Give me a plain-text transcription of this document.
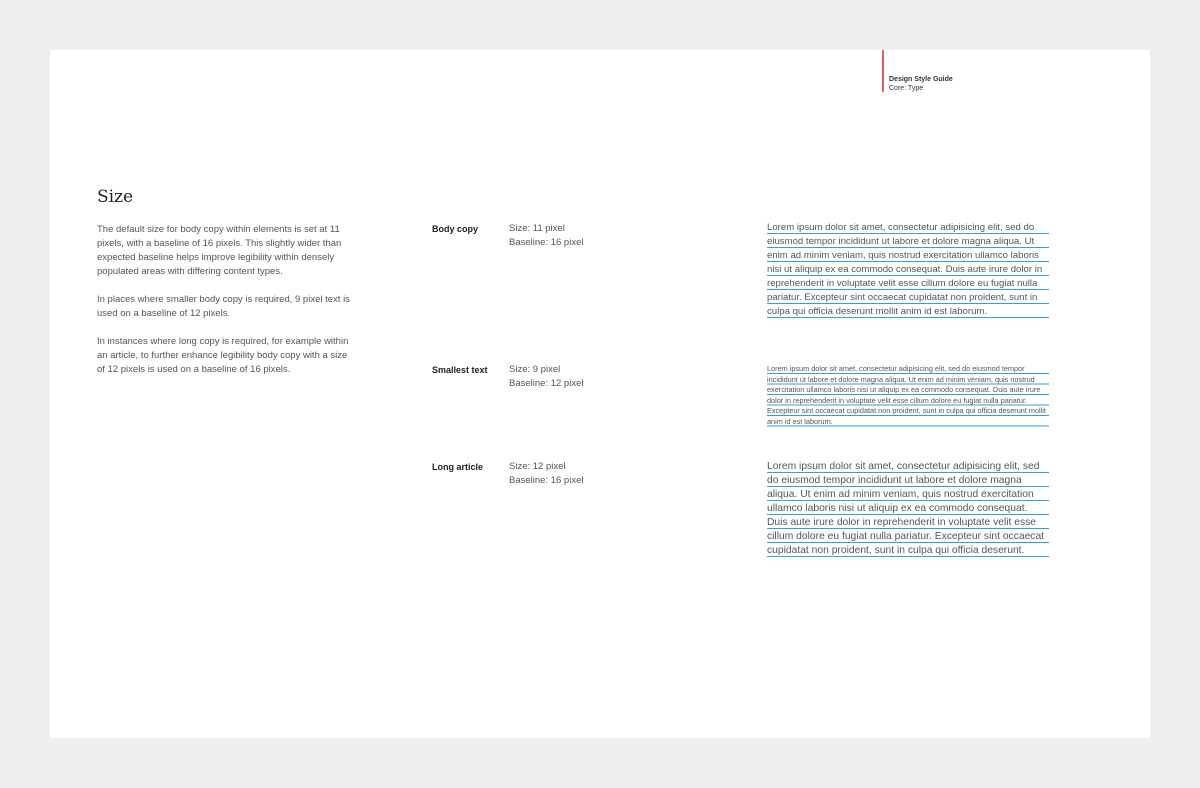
Design Style Guide
Core: Type
Size

The default size for body copy within elements is set at 11 pixels, with a baseline of 16 pixels. This slightly wider than expected baseline helps improve legibility within densely populated areas with differing content types.

In places where smaller body copy is required, 9 pixel text is used on a baseline of 12 pixels.

In instances where long copy is required, for example within an article, to further enhance legibility body copy with a size of 12 pixels is used on a baseline of 16 pixels.

Body copy	Size: 11 pixel
Baseline: 16 pixel

Lorem ipsum dolor sit amet, consectetur adipisicing elit, sed do eiusmod tempor incididunt ut labore et dolore magna aliqua. Ut enim ad minim veniam, quis nostrud exercitation ullamco laboris nisi ut aliquip ex ea commodo consequat. Duis aute irure dolor in reprehenderit in voluptate velit esse cillum dolore eu fugiat nulla pariatur. Excepteur sint occaecat cupidatat non proident, sunt in culpa qui officia deserunt mollit anim id est laborum.

Smallest text Size: 9 pixel
Baseline: 12 pixel

Lorem ipsum dolor sit amet, consectetur adipisicing elit, sed do eiusmod tempor incididunt ut labore et dolore magna aliqua. Ut enim ad minim veniam, quis nostrud exercitation ullamco laboris nisi ut aliquip ex ea commodo consequat. Duis aute irure dolor in reprehenderit in voluptate velit esse cillum dolore eu fugiat nulla pariatur. Excepteur sint occaecat cupidatat non proident, sunt in culpa qui officia deserunt mollit anim id est laborum.

Long article	Size: 12 pixel
Baseline: 16 pixel

Lorem ipsum dolor sit amet, consectetur adipisicing elit, sed do eiusmod tempor incididunt ut labore et dolore magna aliqua. Ut enim ad minim veniam, quis nostrud exercitation ullamco laboris nisi ut aliquip ex ea commodo consequat. Duis aute irure dolor in reprehenderit in voluptate velit esse cillum dolore eu fugiat nulla pariatur. Excepteur sint occaecat cupidatat non proident, sunt in culpa qui officia deserunt.
